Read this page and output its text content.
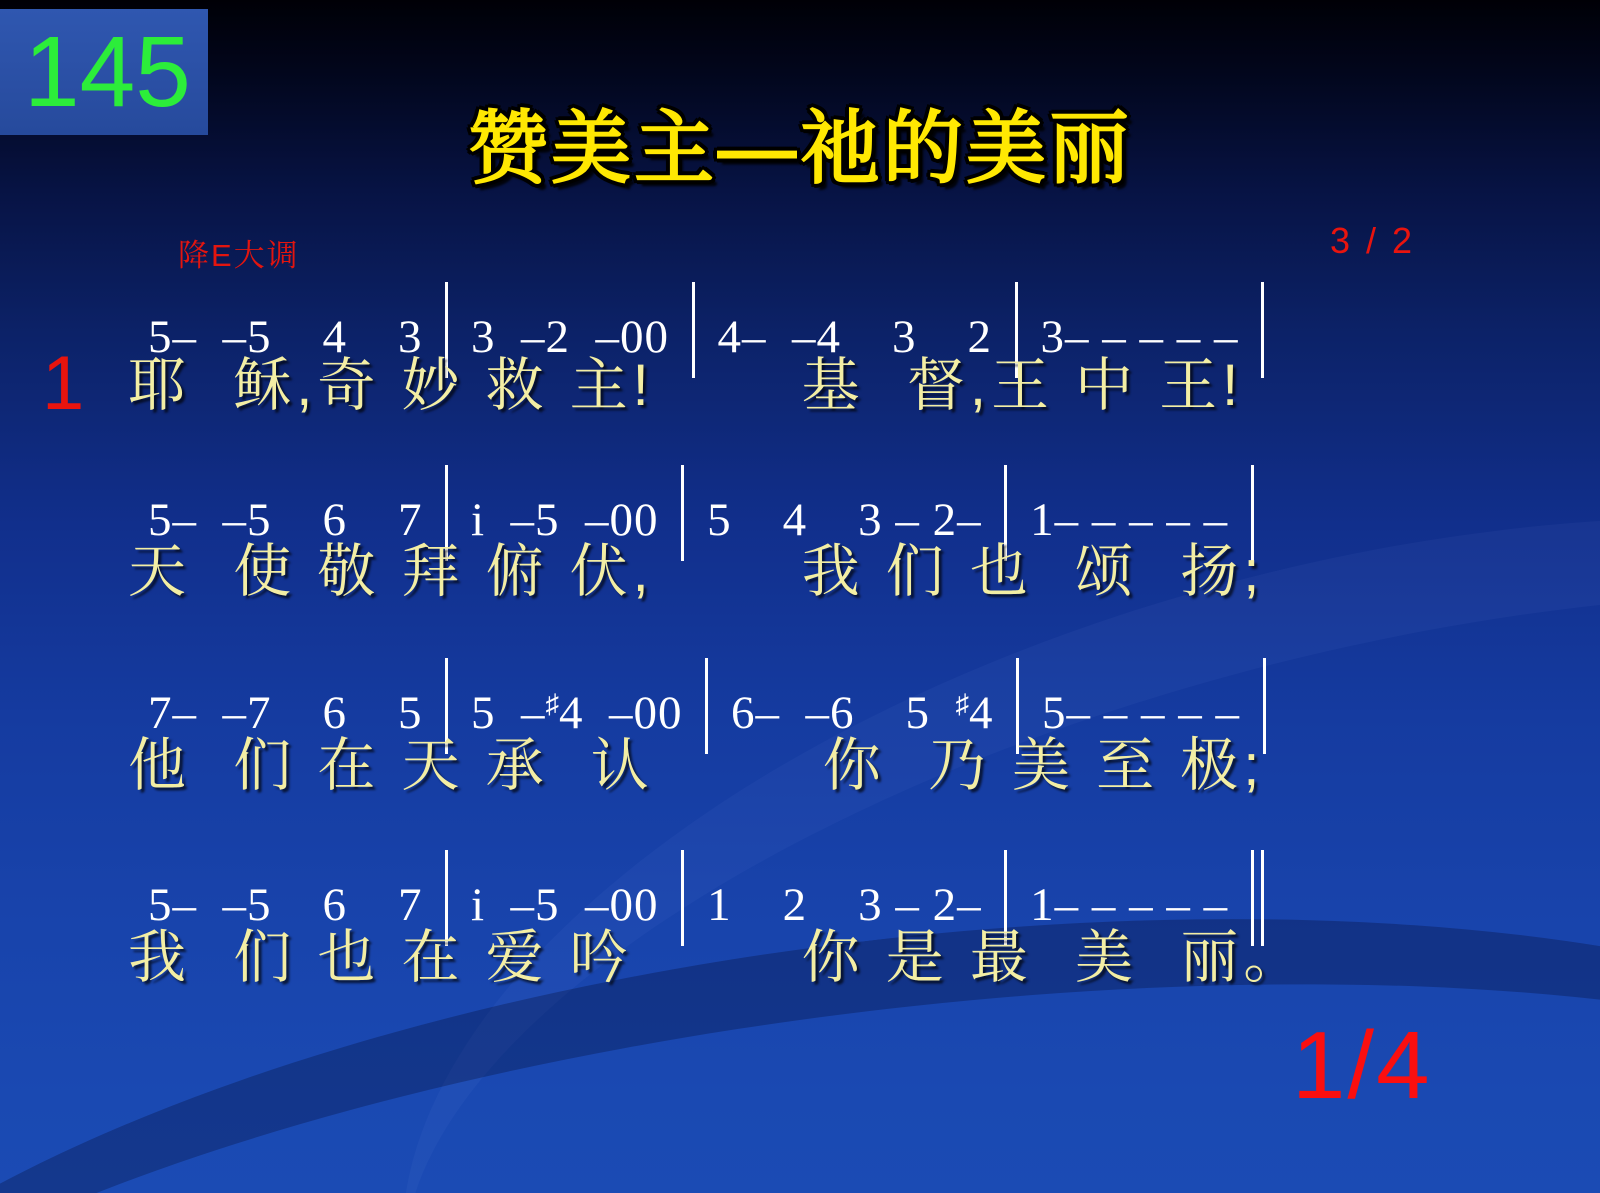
145
赞美主—祂的美丽
降E大调	3 / 2
1
5–  –5    4    3  3  –2  –00  4–  –4    3    2  3– – – – –
耶  稣,奇 妙 救 主!       基  督,王 中 王!
5–  –5    6    7  i  –5  –00  5    4    3 – 2–  1– – – – –
天  使 敬 拜 俯 伏,       我 们 也  颂  扬;
7–  –7    6    5  5  –♯4  –00  6–  –6    5  ♯4  5– – – – –
他  们 在 天 承  认        你  乃 美 至 极;
5–  –5    6    7  i  –5  –00  1    2    3 – 2–  1– – – – –
我  们 也 在 爱 吟        你 是 最  美  丽。
1/4
